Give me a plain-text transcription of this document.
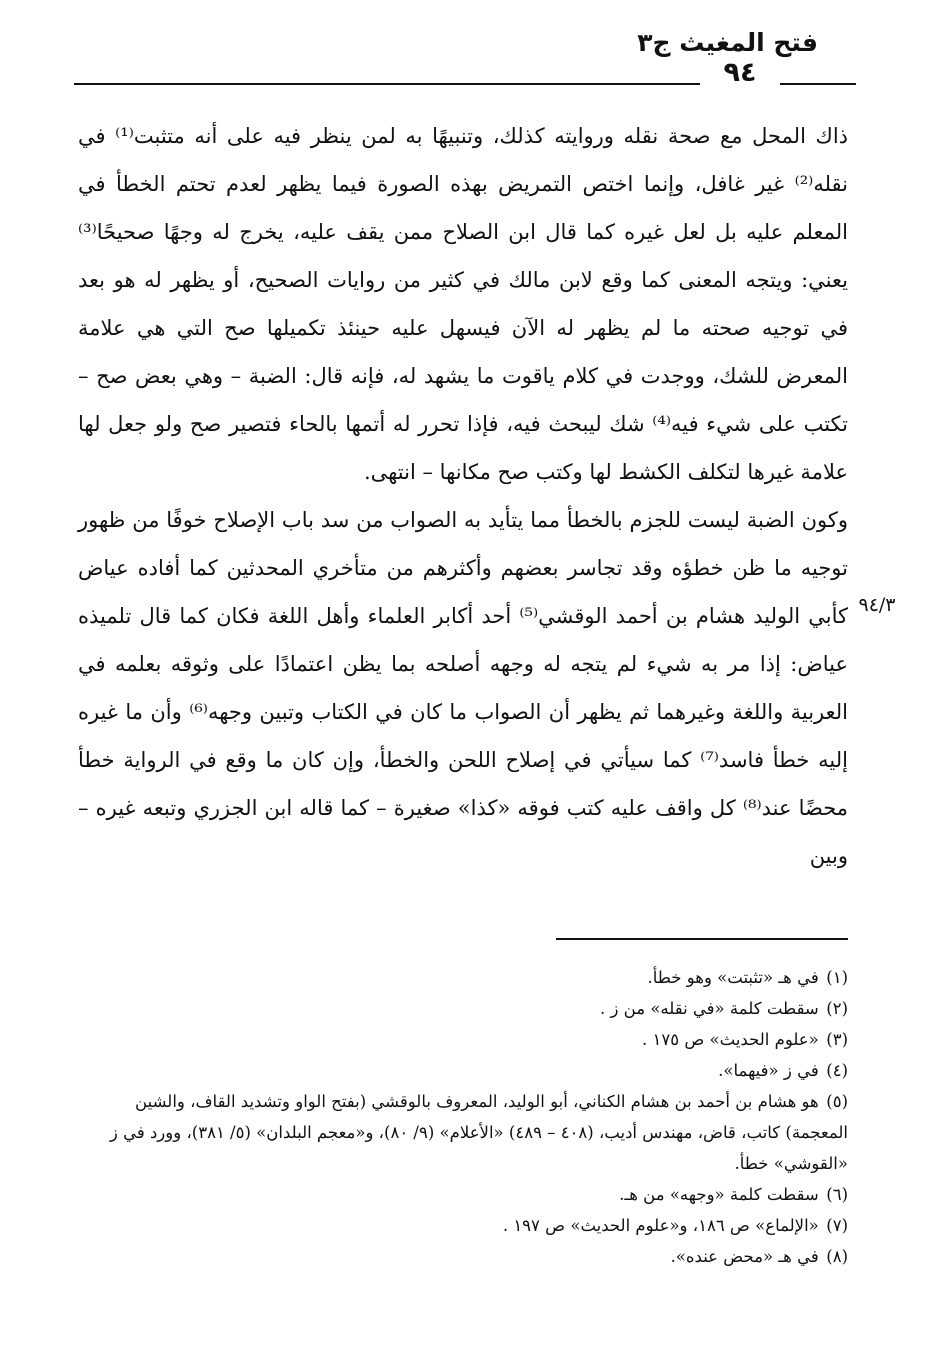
فتح المغيث ج٣
٩٤
٩٤/٣

ذاك المحل مع صحة نقله وروايته كذلك، وتنبيهًا به لمن ينظر فيه على أنه متثبت⁽¹⁾ في نقله⁽²⁾ غير غافل، وإنما اختص التمريض بهذه الصورة فيما يظهر لعدم تحتم الخطأ في المعلم عليه بل لعل غيره كما قال ابن الصلاح ممن يقف عليه، يخرج له وجهًا صحيحًا⁽³⁾ يعني: ويتجه المعنى كما وقع لابن مالك في كثير من روايات الصحيح، أو يظهر له هو بعد في توجيه صحته ما لم يظهر له الآن فيسهل عليه حينئذ تكميلها صح التي هي علامة المعرض للشك، ووجدت في كلام ياقوت ما يشهد له، فإنه قال: الضبة – وهي بعض صح – تكتب على شيء فيه⁽⁴⁾ شك ليبحث فيه، فإذا تحرر له أتمها بالحاء فتصير صح ولو جعل لها علامة غيرها لتكلف الكشط لها وكتب صح مكانها – انتهى.

وكون الضبة ليست للجزم بالخطأ مما يتأيد به الصواب من سد باب الإصلاح خوفًا من ظهور توجيه ما ظن خطؤه وقد تجاسر بعضهم وأكثرهم من متأخري المحدثين كما أفاده عياض كأبي الوليد هشام بن أحمد الوقشي⁽⁵⁾ أحد أكابر العلماء وأهل اللغة فكان كما قال تلميذه عياض: إذا مر به شيء لم يتجه له وجهه أصلحه بما يظن اعتمادًا على وثوقه بعلمه في العربية واللغة وغيرهما ثم يظهر أن الصواب ما كان في الكتاب وتبين وجهه⁽⁶⁾ وأن ما غيره إليه خطأ فاسد⁽⁷⁾ كما سيأتي في إصلاح اللحن والخطأ، وإن كان ما وقع في الرواية خطأ محضًا عند⁽⁸⁾ كل واقف عليه كتب فوقه «كذا» صغيرة – كما قاله ابن الجزري وتبعه غيره – وبين

(١) في هـ «تثبتت» وهو خطأ.

(٢) سقطت كلمة «في نقله» من ز .

(٣) «علوم الحديث» ص ١٧٥ .

(٤) في ز «فيهما».

(٥) هو هشام بن أحمد بن هشام الكناني، أبو الوليد، المعروف بالوقشي (بفتح الواو وتشديد القاف، والشين المعجمة) كاتب، قاض، مهندس أديب، (٤٠٨ – ٤٨٩) «الأعلام» (٩/ ٨٠)، و«معجم البلدان» (٥/ ٣٨١)، وورد في ز «القوشي» خطأ.

(٦) سقطت كلمة «وجهه» من هـ.

(٧) «الإلماع» ص ١٨٦، و«علوم الحديث» ص ١٩٧ .

(٨) في هـ «محض عنده».
